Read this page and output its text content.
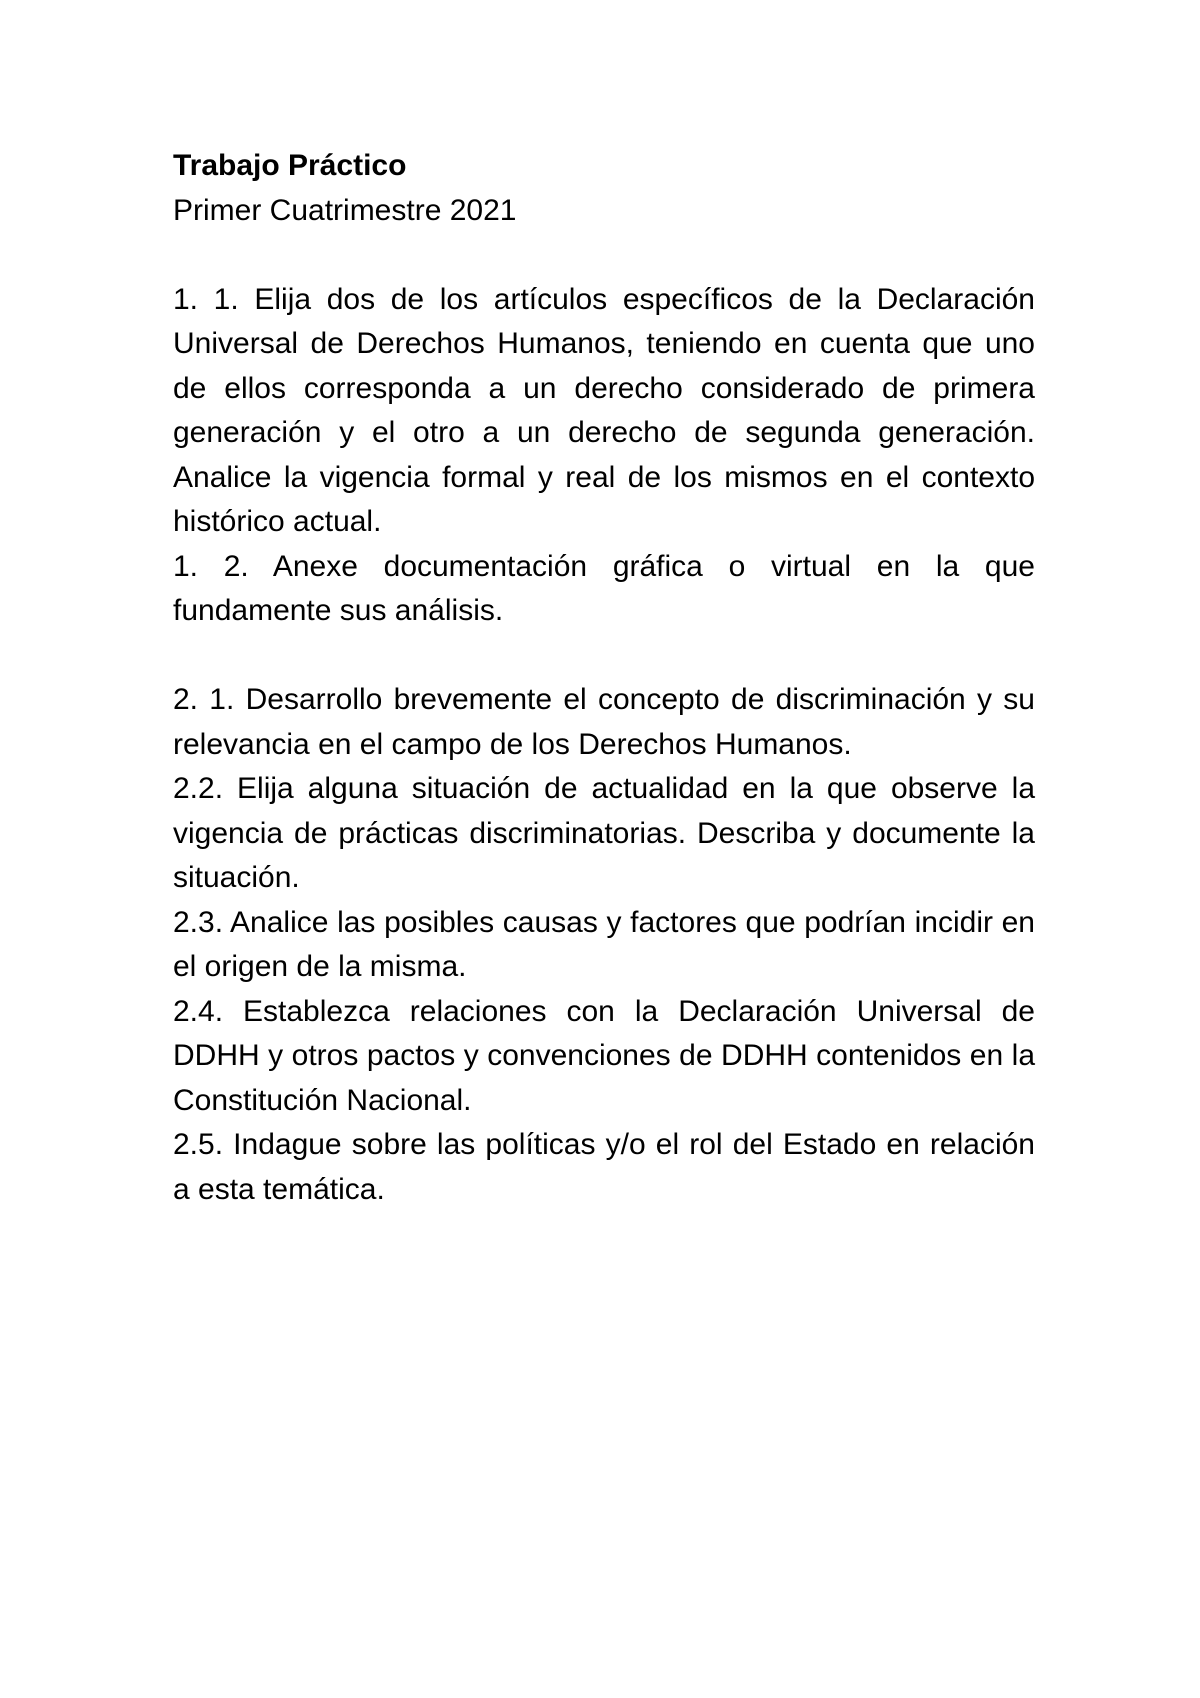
Trabajo Práctico

Primer Cuatrimestre 2021

1. 1. Elija dos de los artículos específicos de la Declaración Universal de Derechos Humanos, teniendo en cuenta que uno de ellos corresponda a un derecho considerado de primera generación y el otro a un derecho de segunda generación. Analice la vigencia formal y real de los mismos en el contexto histórico actual.

1. 2. Anexe documentación gráfica o virtual en la que fundamente sus análisis.

2. 1. Desarrollo brevemente el concepto de discriminación y su relevancia en el campo de los Derechos Humanos.

2.2. Elija alguna situación de actualidad en la que observe la vigencia de prácticas discriminatorias. Describa y documente la situación.

2.3. Analice las posibles causas y factores que podrían incidir en el origen de la misma.

2.4. Establezca relaciones con la Declaración Universal de DDHH y otros pactos y convenciones de DDHH contenidos en la Constitución Nacional.

2.5. Indague sobre las políticas y/o el rol del Estado en relación a esta temática.
